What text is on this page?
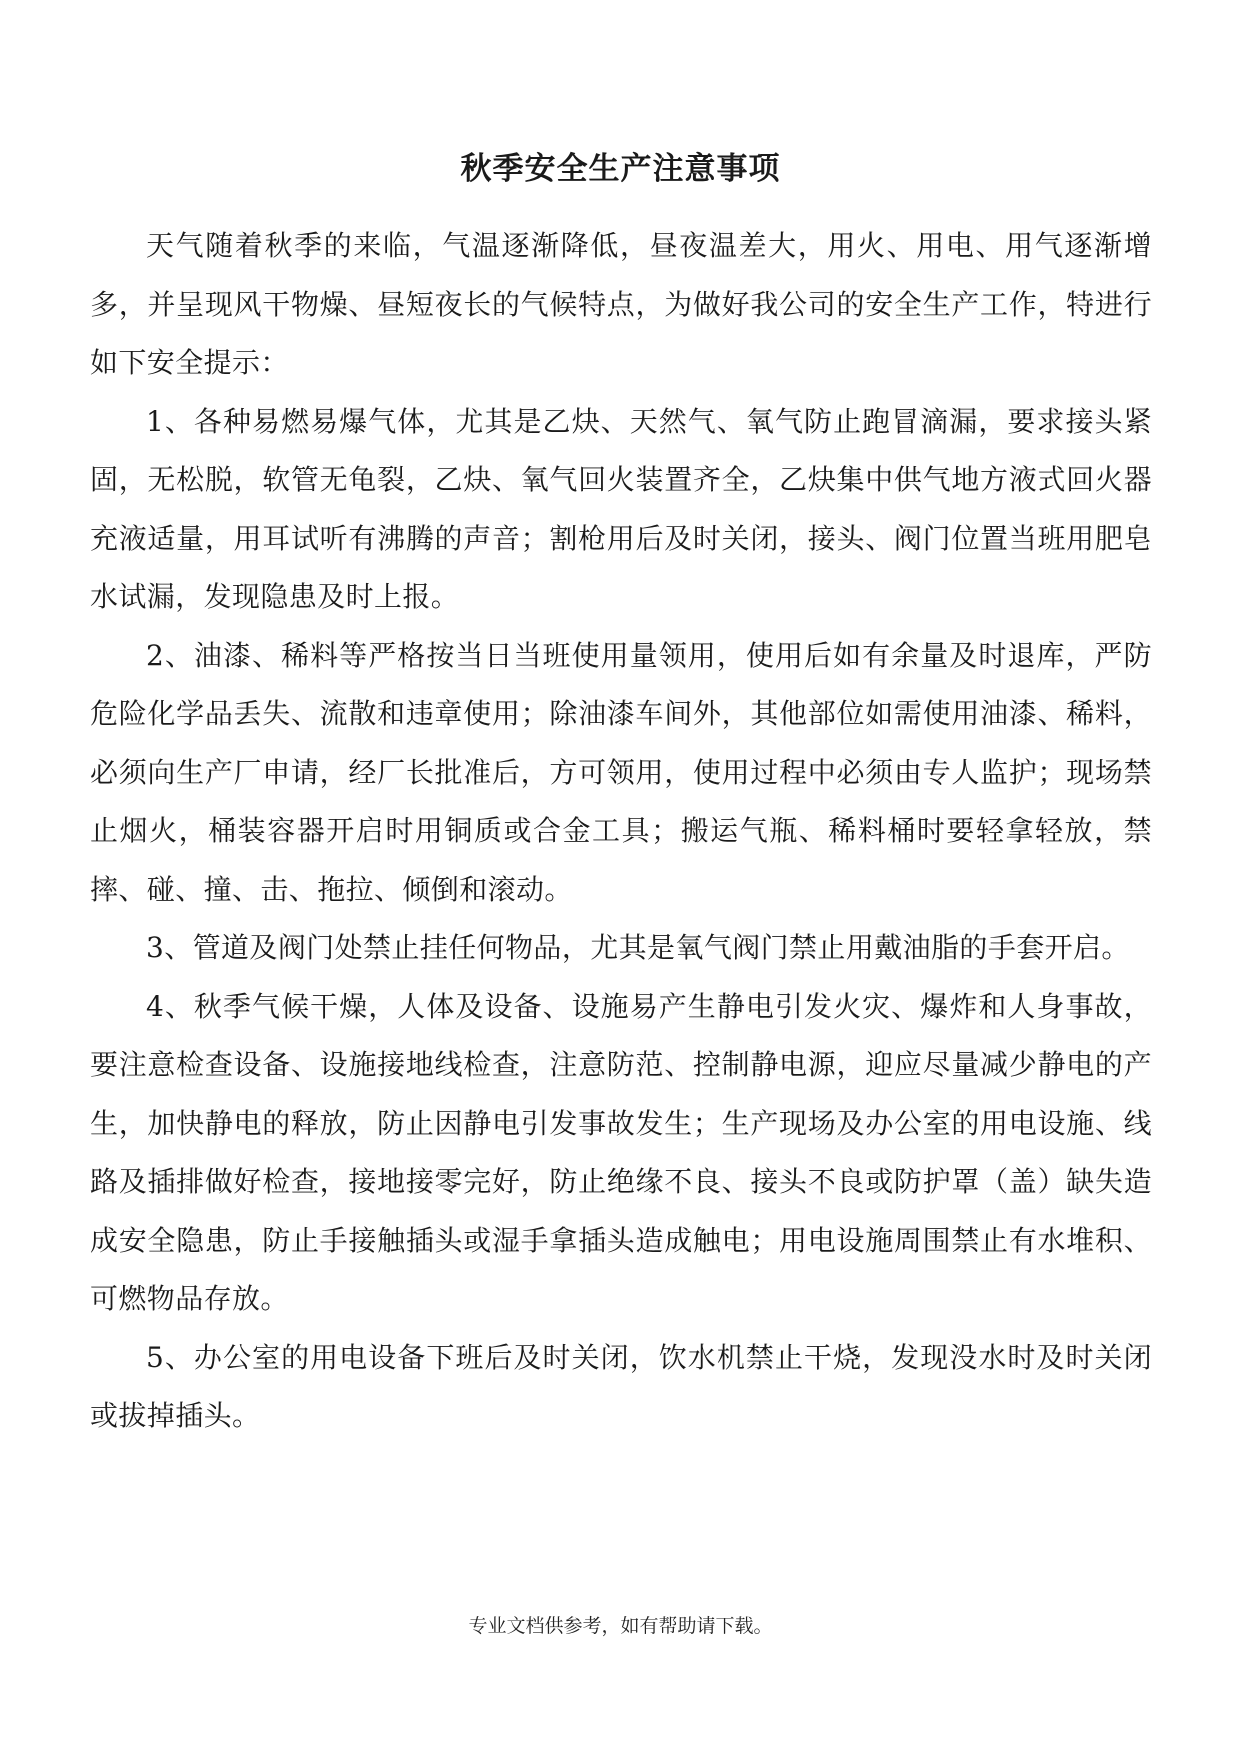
秋季安全生产注意事项

天气随着秋季的来临，气温逐渐降低，昼夜温差大，用火、用电、用气逐渐增多，并呈现风干物燥、昼短夜长的气候特点，为做好我公司的安全生产工作，特进行如下安全提示：

1、各种易燃易爆气体，尤其是乙炔、天然气、氧气防止跑冒滴漏，要求接头紧固，无松脱，软管无龟裂，乙炔、氧气回火装置齐全，乙炔集中供气地方液式回火器充液适量，用耳试听有沸腾的声音；割枪用后及时关闭，接头、阀门位置当班用肥皂水试漏，发现隐患及时上报。

2、油漆、稀料等严格按当日当班使用量领用，使用后如有余量及时退库，严防危险化学品丢失、流散和违章使用；除油漆车间外，其他部位如需使用油漆、稀料，必须向生产厂申请，经厂长批准后，方可领用，使用过程中必须由专人监护；现场禁止烟火，桶装容器开启时用铜质或合金工具；搬运气瓶、稀料桶时要轻拿轻放，禁摔、碰、撞、击、拖拉、倾倒和滚动。

3、管道及阀门处禁止挂任何物品，尤其是氧气阀门禁止用戴油脂的手套开启。

4、秋季气候干燥，人体及设备、设施易产生静电引发火灾、爆炸和人身事故，要注意检查设备、设施接地线检查，注意防范、控制静电源，迎应尽量减少静电的产生，加快静电的释放，防止因静电引发事故发生；生产现场及办公室的用电设施、线路及插排做好检查，接地接零完好，防止绝缘不良、接头不良或防护罩（盖）缺失造成安全隐患，防止手接触插头或湿手拿插头造成触电；用电设施周围禁止有水堆积、可燃物品存放。

5、办公室的用电设备下班后及时关闭，饮水机禁止干烧，发现没水时及时关闭或拔掉插头。

专业文档供参考，如有帮助请下载。
